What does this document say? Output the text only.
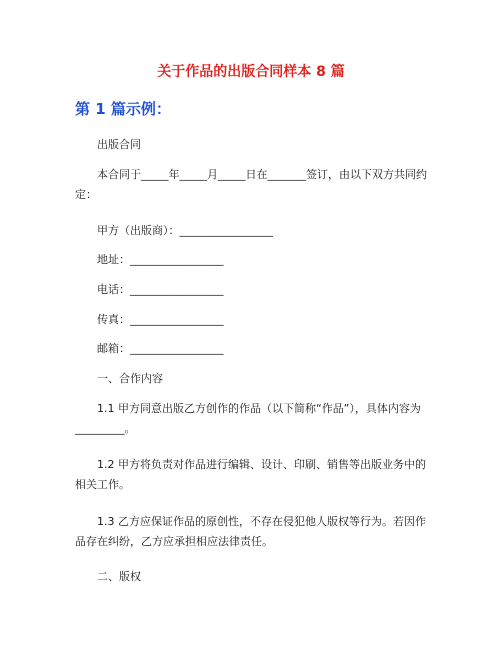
关于作品的出版合同样本 8 篇
第 1 篇示例：
出版合同
本合同于_____年_____月_____日在_______签订，由以下双方共同约定：
甲方（出版商）：_________________
地址：_________________
电话：_________________
传真：_________________
邮箱：_________________
一、合作内容
1.1 甲方同意出版乙方创作的作品（以下简称“作品”），具体内容为_________。
1.2 甲方将负责对作品进行编辑、设计、印刷、销售等出版业务中的相关工作。
1.3 乙方应保证作品的原创性，不存在侵犯他人版权等行为。若因作品存在纠纷，乙方应承担相应法律责任。
二、版权
